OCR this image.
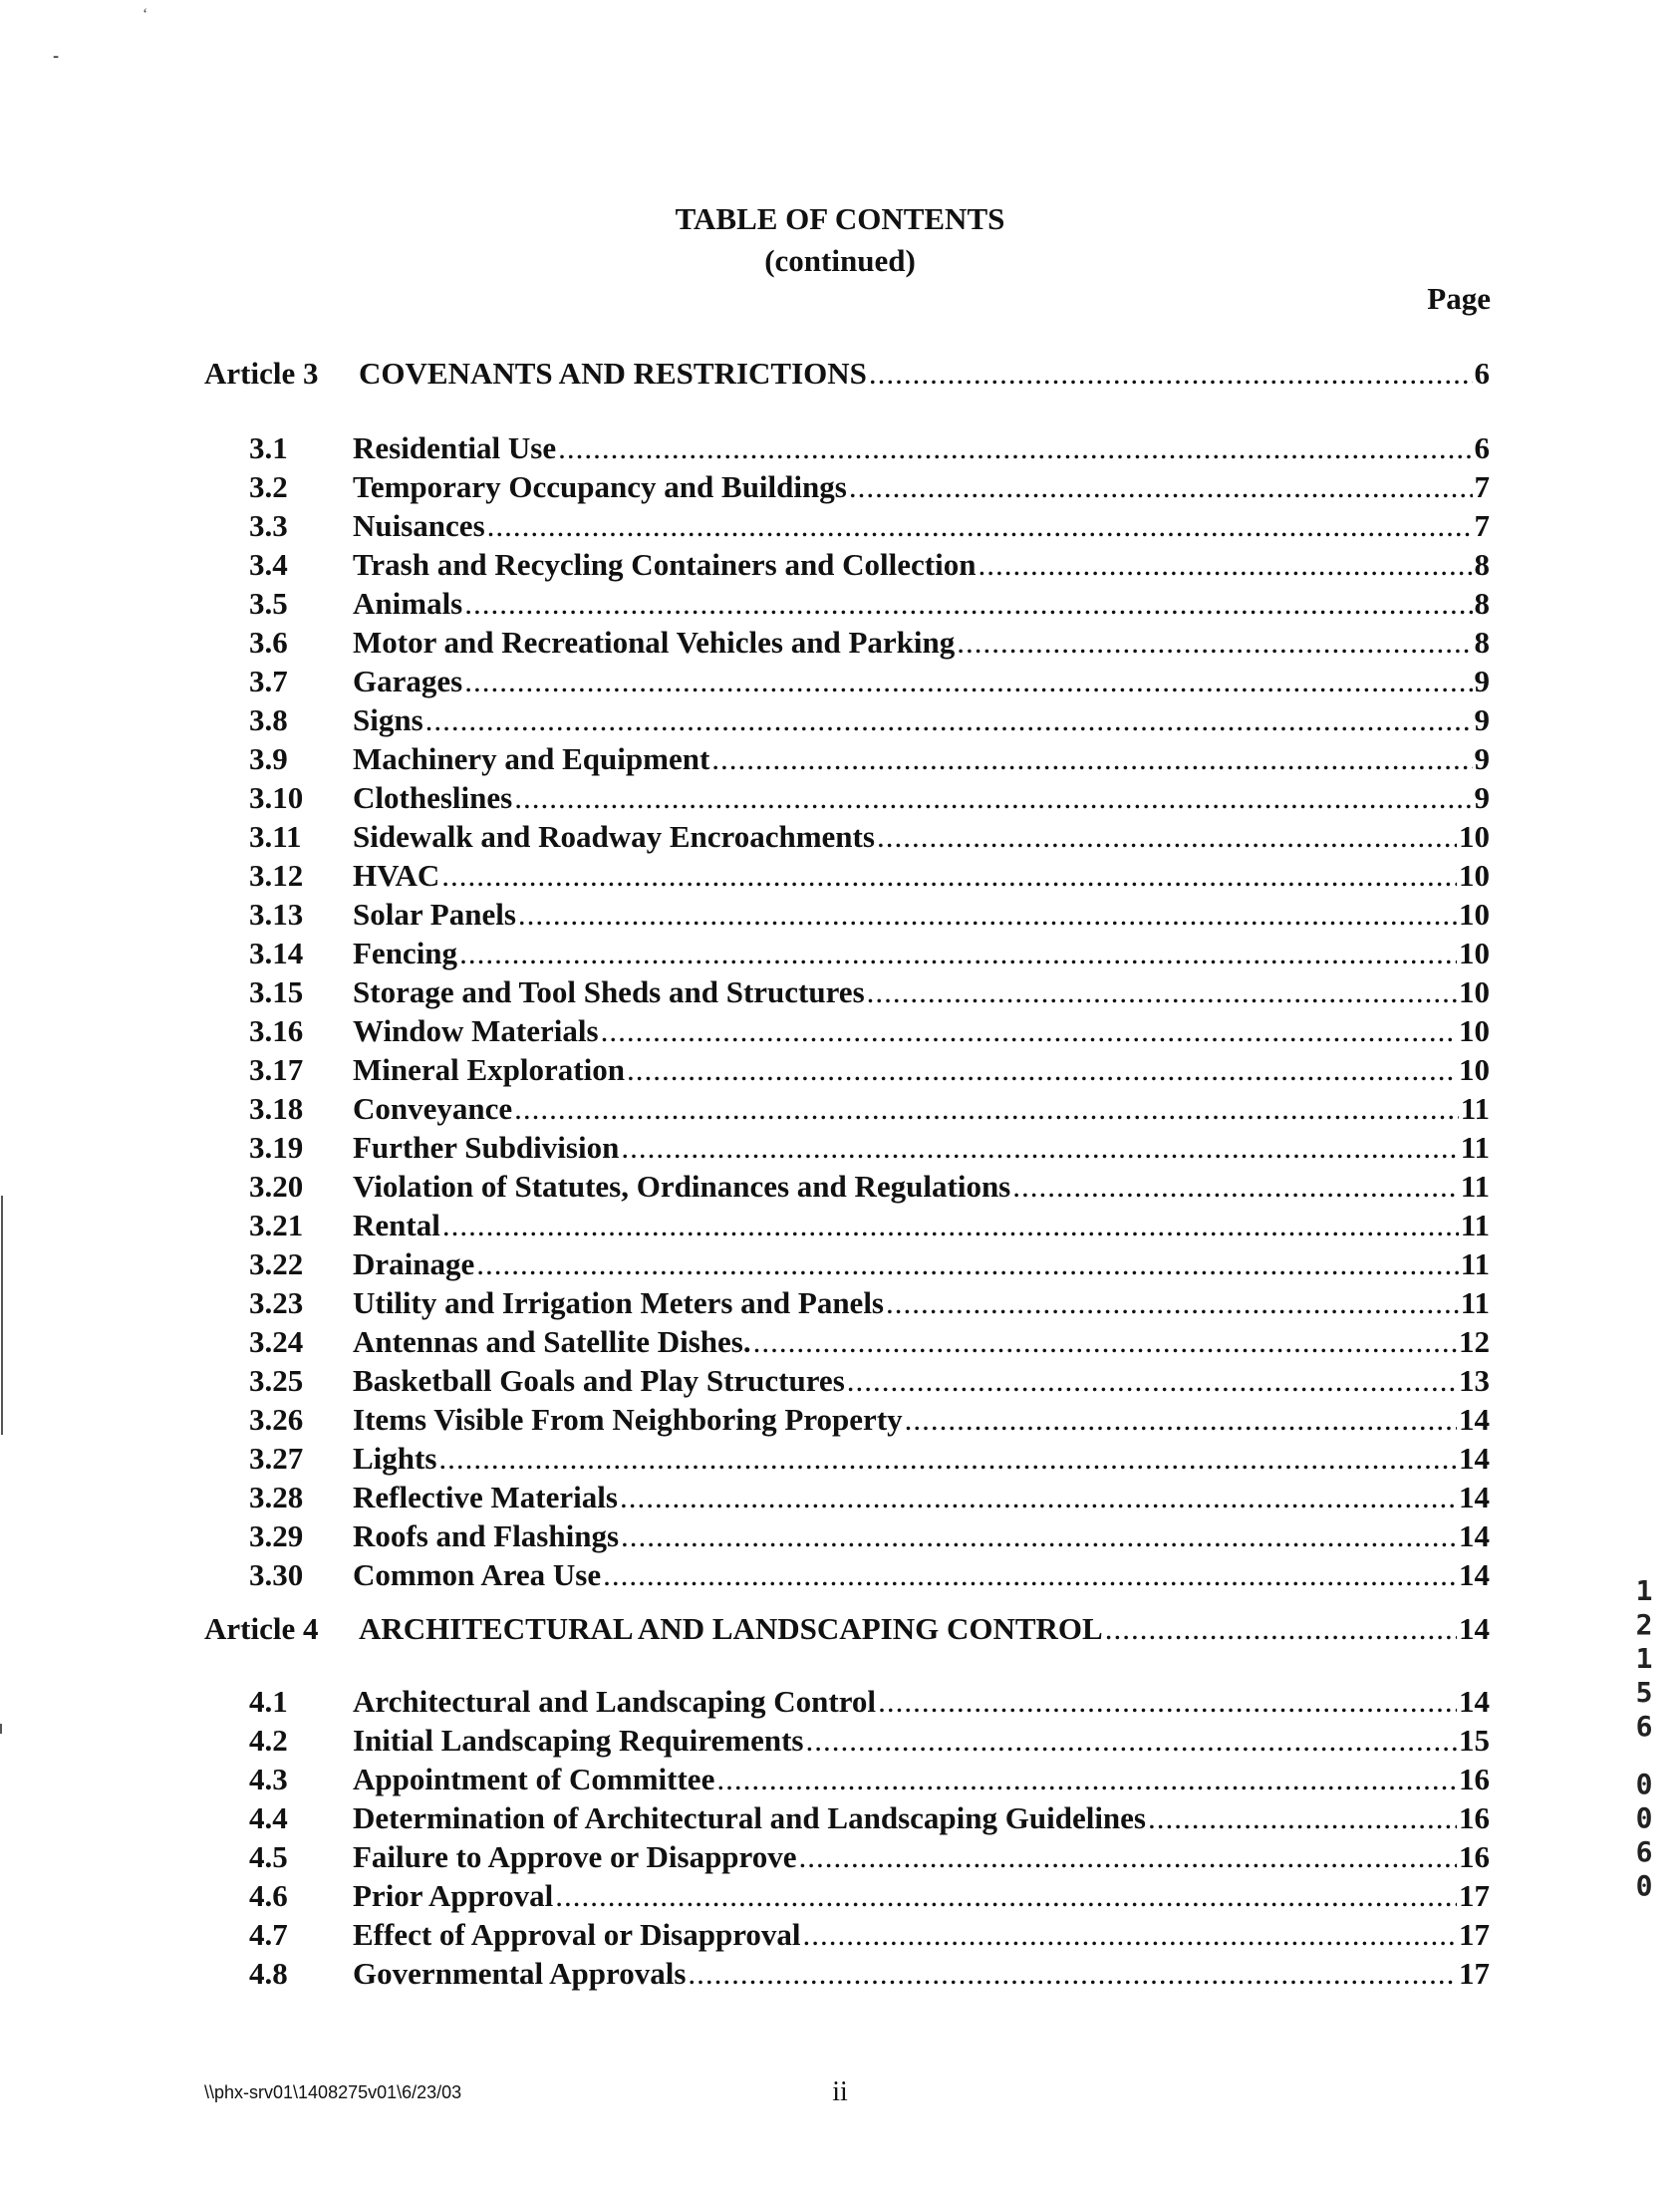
‘
⁃
TABLE OF CONTENTS
(continued)
Page
Article 3	COVENANTS AND RESTRICTIONS .....	6
3.1	Residential Use .....	6
3.2	Temporary Occupancy and Buildings .....	7
3.3	Nuisances .....	7
3.4	Trash and Recycling Containers and Collection .....	8
3.5	Animals .....	8
3.6	Motor and Recreational Vehicles and Parking .....	8
3.7	Garages .....	9
3.8	Signs .....	9
3.9	Machinery and Equipment .....	9
3.10	Clotheslines .....	9
3.11	Sidewalk and Roadway Encroachments .....	10
3.12	HVAC .....	10
3.13	Solar Panels .....	10
3.14	Fencing .....	10
3.15	Storage and Tool Sheds and Structures .....	10
3.16	Window Materials .....	10
3.17	Mineral Exploration .....	10
3.18	Conveyance .....	11
3.19	Further Subdivision .....	11
3.20	Violation of Statutes, Ordinances and Regulations .....	11
3.21	Rental .....	11
3.22	Drainage .....	11
3.23	Utility and Irrigation Meters and Panels .....	11
3.24	Antennas and Satellite Dishes. .....	12
3.25	Basketball Goals and Play Structures .....	13
3.26	Items Visible From Neighboring Property .....	14
3.27	Lights .....	14
3.28	Reflective Materials .....	14
3.29	Roofs and Flashings .....	14
3.30	Common Area Use .....	14
Article 4	ARCHITECTURAL AND LANDSCAPING CONTROL .....	14
4.1	Architectural and Landscaping Control .....	14
4.2	Initial Landscaping Requirements .....	15
4.3	Appointment of Committee .....	16
4.4	Determination of Architectural and Landscaping Guidelines .....	16
4.5	Failure to Approve or Disapprove .....	16
4.6	Prior Approval .....	17
4.7	Effect of Approval or Disapproval .....	17
4.8	Governmental Approvals .....	17
\\phx-srv01\1408275v01\6/23/03	ii
1
2
1
5
6
0
0
6
0
